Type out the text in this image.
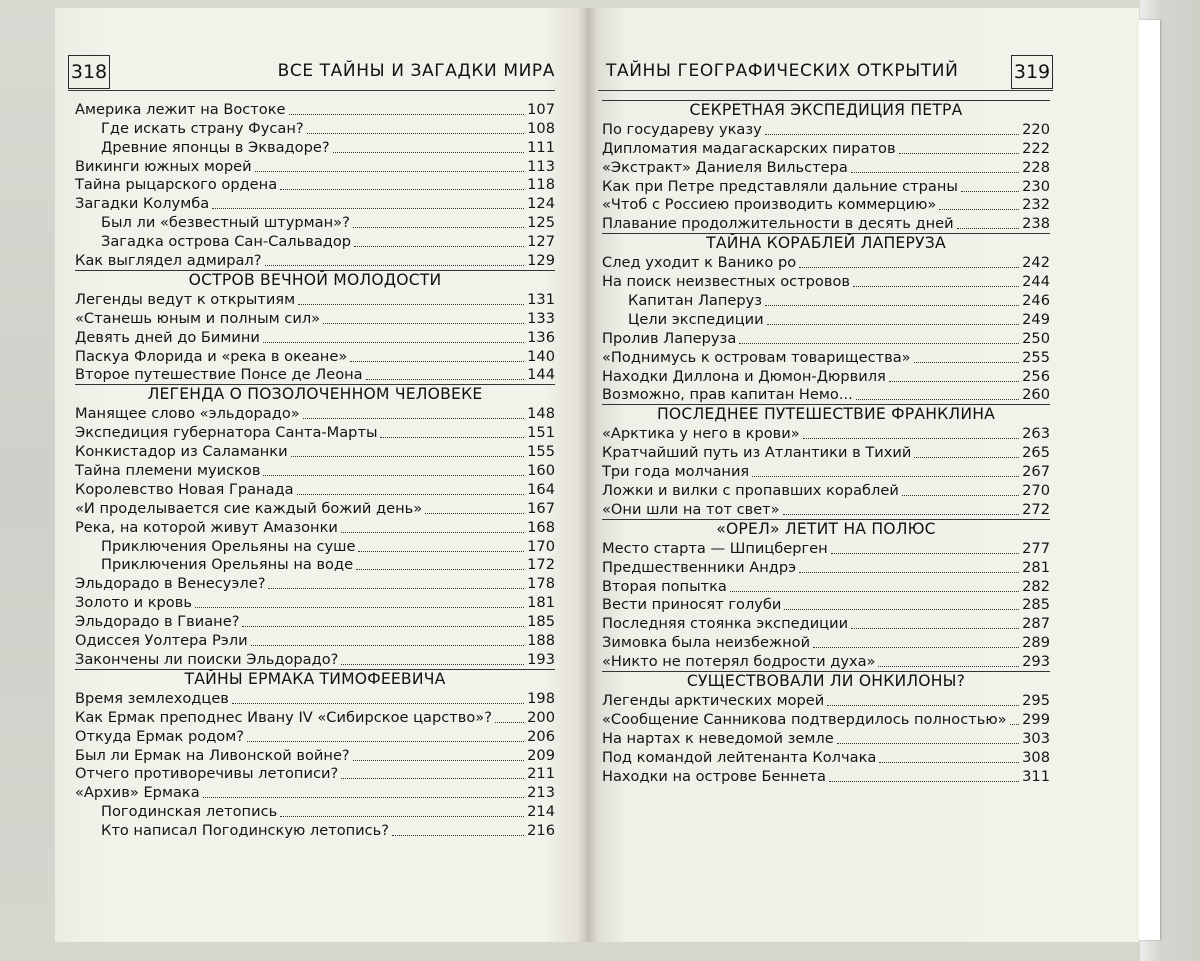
318	ВСЕ ТАЙНЫ И ЗАГАДКИ МИРА	ТАЙНЫ ГЕОГРАФИЧЕСКИХ ОТКРЫТИЙ	319
Америка лежит на Востоке	107
Где искать страну Фусан?	108
Древние японцы в Эквадоре?	111
Викинги южных морей	113
Тайна рыцарского ордена	118
Загадки Колумба	124
Был ли «безвестный штурман»?	125
Загадка острова Сан-Сальвадор	127
Как выглядел адмирал?	129
ОСТРОВ ВЕЧНОЙ МОЛОДОСТИ
Легенды ведут к открытиям	131
«Станешь юным и полным сил»	133
Девять дней до Бимини	136
Паскуа Флорида и «река в океане»	140
Второе путешествие Понсе де Леона	144
ЛЕГЕНДА О ПОЗОЛОЧЕННОМ ЧЕЛОВЕКЕ
Манящее слово «эльдорадо»	148
Экспедиция губернатора Санта-Марты	151
Конкистадор из Саламанки	155
Тайна племени муисков	160
Королевство Новая Гранада	164
«И проделывается сие каждый божий день»	167
Река, на которой живут Амазонки	168
Приключения Орельяны на суше	170
Приключения Орельяны на воде	172
Эльдорадо в Венесуэле?	178
Золото и кровь	181
Эльдорадо в Гвиане?	185
Одиссея Уолтера Рэли	188
Закончены ли поиски Эльдорадо?	193
ТАЙНЫ ЕРМАКА ТИМОФЕЕВИЧА
Время землеходцев	198
Как Ермак преподнес Ивану IV «Сибирское царство»? 200
Откуда Ермак родом?	206
Был ли Ермак на Ливонской войне?	209
Отчего противоречивы летописи?	211
«Архив» Ермака	213
Погодинская летопись	214
Кто написал Погодинскую летопись?	216
СЕКРЕТНАЯ ЭКСПЕДИЦИЯ ПЕТРА
По государеву указу	220
Дипломатия мадагаскарских пиратов	222
«Экстракт» Даниеля Вильстера	228
Как при Петре представляли дальние страны	230
«Чтоб с Россиею производить коммерцию»	232
Плавание продолжительности в десять дней	238
ТАЙНА КОРАБЛЕЙ ЛАПЕРУЗА
След уходит к Ванико ро	242
На поиск неизвестных островов	244
Капитан Лаперуз	246
Цели экспедиции	249
Пролив Лаперуза	250
«Поднимусь к островам товарищества»	255
Находки Диллона и Дюмон-Дюрвиля	256
Возможно, прав капитан Немо...	260
ПОСЛЕДНЕЕ ПУТЕШЕСТВИЕ ФРАНКЛИНА
«Арктика у него в крови»	263
Кратчайший путь из Атлантики в Тихий	265
Три года молчания	267
Ложки и вилки с пропавших кораблей	270
«Они шли на тот свет»	272
«ОРЕЛ» ЛЕТИТ НА ПОЛЮС
Место старта — Шпицберген	277
Предшественники Андрэ	281
Вторая попытка	282
Вести приносят голуби	285
Последняя стоянка экспедиции	287
Зимовка была неизбежной	289
«Никто не потерял бодрости духа»	293
СУЩЕСТВОВАЛИ ЛИ ОНКИЛОНЫ?
Легенды арктических морей	295
«Сообщение Санникова подтвердилось полностью» 299
На нартах к неведомой земле	303
Под командой лейтенанта Колчака	308
Находки на острове Беннета	311
